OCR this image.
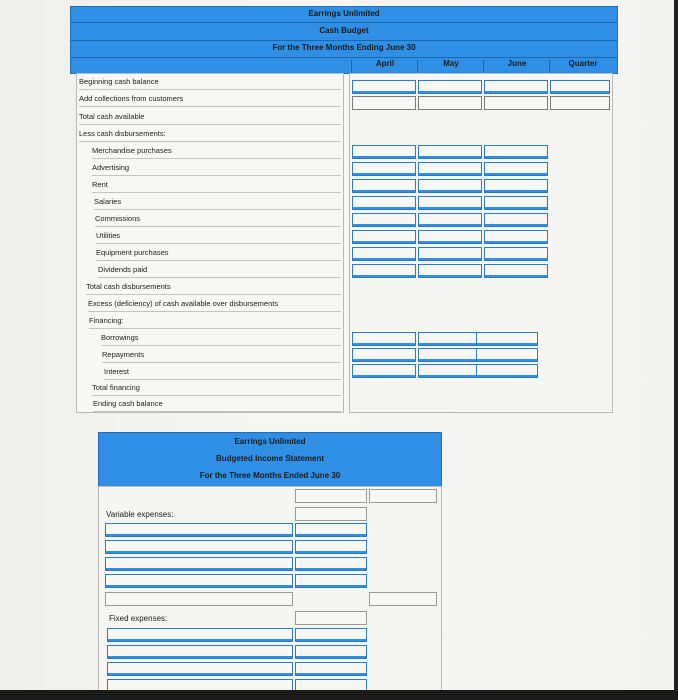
Earrings Unlimited
Cash Budget
For the Three Months Ending June 30
April	May	June	Quarter
Beginning cash balance
Add collections from customers
Total cash available
Less cash disbursements:
Merchandise purchases
Advertising
Rent
Salaries
Commissions
Utilities
Equipment purchases
Dividends paid
Total cash disbursements
Excess (deficiency) of cash available over disbursements
Financing:
Borrowings
Repayments
Interest
Total financing
Ending cash balance
Earrings Unlimited
Budgeted Income Statement
For the Three Months Ended June 30
Variable expenses:
Fixed expenses:
